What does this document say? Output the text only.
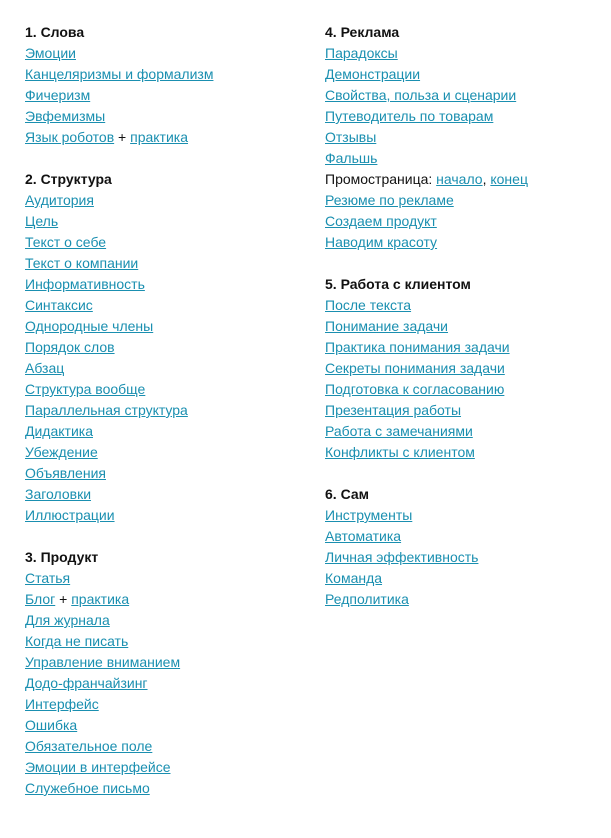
1. Слова
Эмоции
Канцеляризмы и формализм
Фичеризм
Эвфемизмы
Язык роботов + практика
2. Структура
Аудитория
Цель
Текст о себе
Текст о компании
Информативность
Синтаксис
Однородные члены
Порядок слов
Абзац
Структура вообще
Параллельная структура
Дидактика
Убеждение
Объявления
Заголовки
Иллюстрации
3. Продукт
Статья
Блог + практика
Для журнала
Когда не писать
Управление вниманием
Додо-франчайзинг
Интерфейс
Ошибка
Обязательное поле
Эмоции в интерфейсе
Служебное письмо
4. Реклама
Парадоксы
Демонстрации
Свойства, польза и сценарии
Путеводитель по товарам
Отзывы
Фальшь
Промостраница: начало, конец
Резюме по рекламе
Создаем продукт
Наводим красоту
5. Работа с клиентом
После текста
Понимание задачи
Практика понимания задачи
Секреты понимания задачи
Подготовка к согласованию
Презентация работы
Работа с замечаниями
Конфликты с клиентом
6. Сам
Инструменты
Автоматика
Личная эффективность
Команда
Редполитика
